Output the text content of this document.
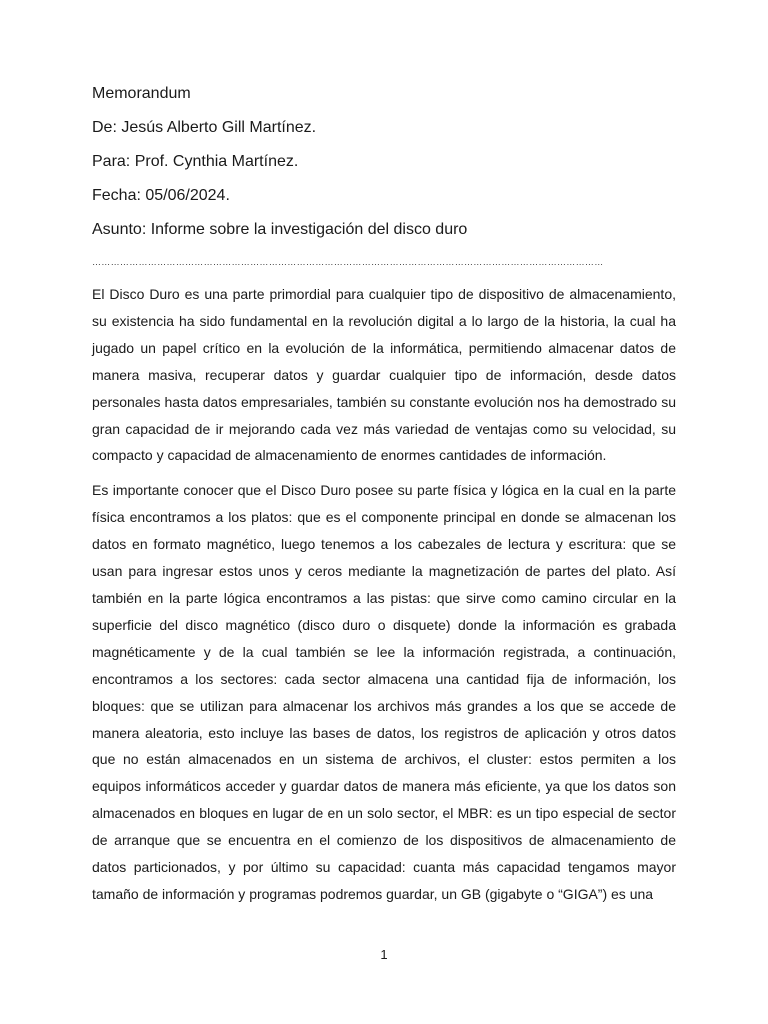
Memorandum
De: Jesús Alberto Gill Martínez.
Para: Prof. Cynthia Martínez.
Fecha: 05/06/2024.
Asunto: Informe sobre la investigación del disco duro
…………………………………………………………………………………………………………………………………………………

El Disco Duro es una parte primordial para cualquier tipo de dispositivo de almacenamiento, su existencia ha sido fundamental en la revolución digital a lo largo de la historia, la cual ha jugado un papel crítico en la evolución de la informática, permitiendo almacenar datos de manera masiva, recuperar datos y guardar cualquier tipo de información, desde datos personales hasta datos empresariales, también su constante evolución nos ha demostrado su gran capacidad de ir mejorando cada vez más variedad de ventajas como su velocidad, su compacto y capacidad de almacenamiento de enormes cantidades de información.

Es importante conocer que el Disco Duro posee su parte física y lógica en la cual en la parte física encontramos a los platos: que es el componente principal en donde se almacenan los datos en formato magnético, luego tenemos a los cabezales de lectura y escritura: que se usan para ingresar estos unos y ceros mediante la magnetización de partes del plato. Así también en la parte lógica encontramos a las pistas: que sirve como camino circular en la superficie del disco magnético (disco duro o disquete) donde la información es grabada magnéticamente y de la cual también se lee la información registrada, a continuación, encontramos a los sectores: cada sector almacena una cantidad fija de información, los bloques: que se utilizan para almacenar los archivos más grandes a los que se accede de manera aleatoria, esto incluye las bases de datos, los registros de aplicación y otros datos que no están almacenados en un sistema de archivos, el cluster: estos permiten a los equipos informáticos acceder y guardar datos de manera más eficiente, ya que los datos son almacenados en bloques en lugar de en un solo sector, el MBR: es un tipo especial de sector de arranque que se encuentra en el comienzo de los dispositivos de almacenamiento de datos particionados, y por último su capacidad: cuanta más capacidad tengamos mayor tamaño de información y programas podremos guardar, un GB (gigabyte o “GIGA”) es una

1
